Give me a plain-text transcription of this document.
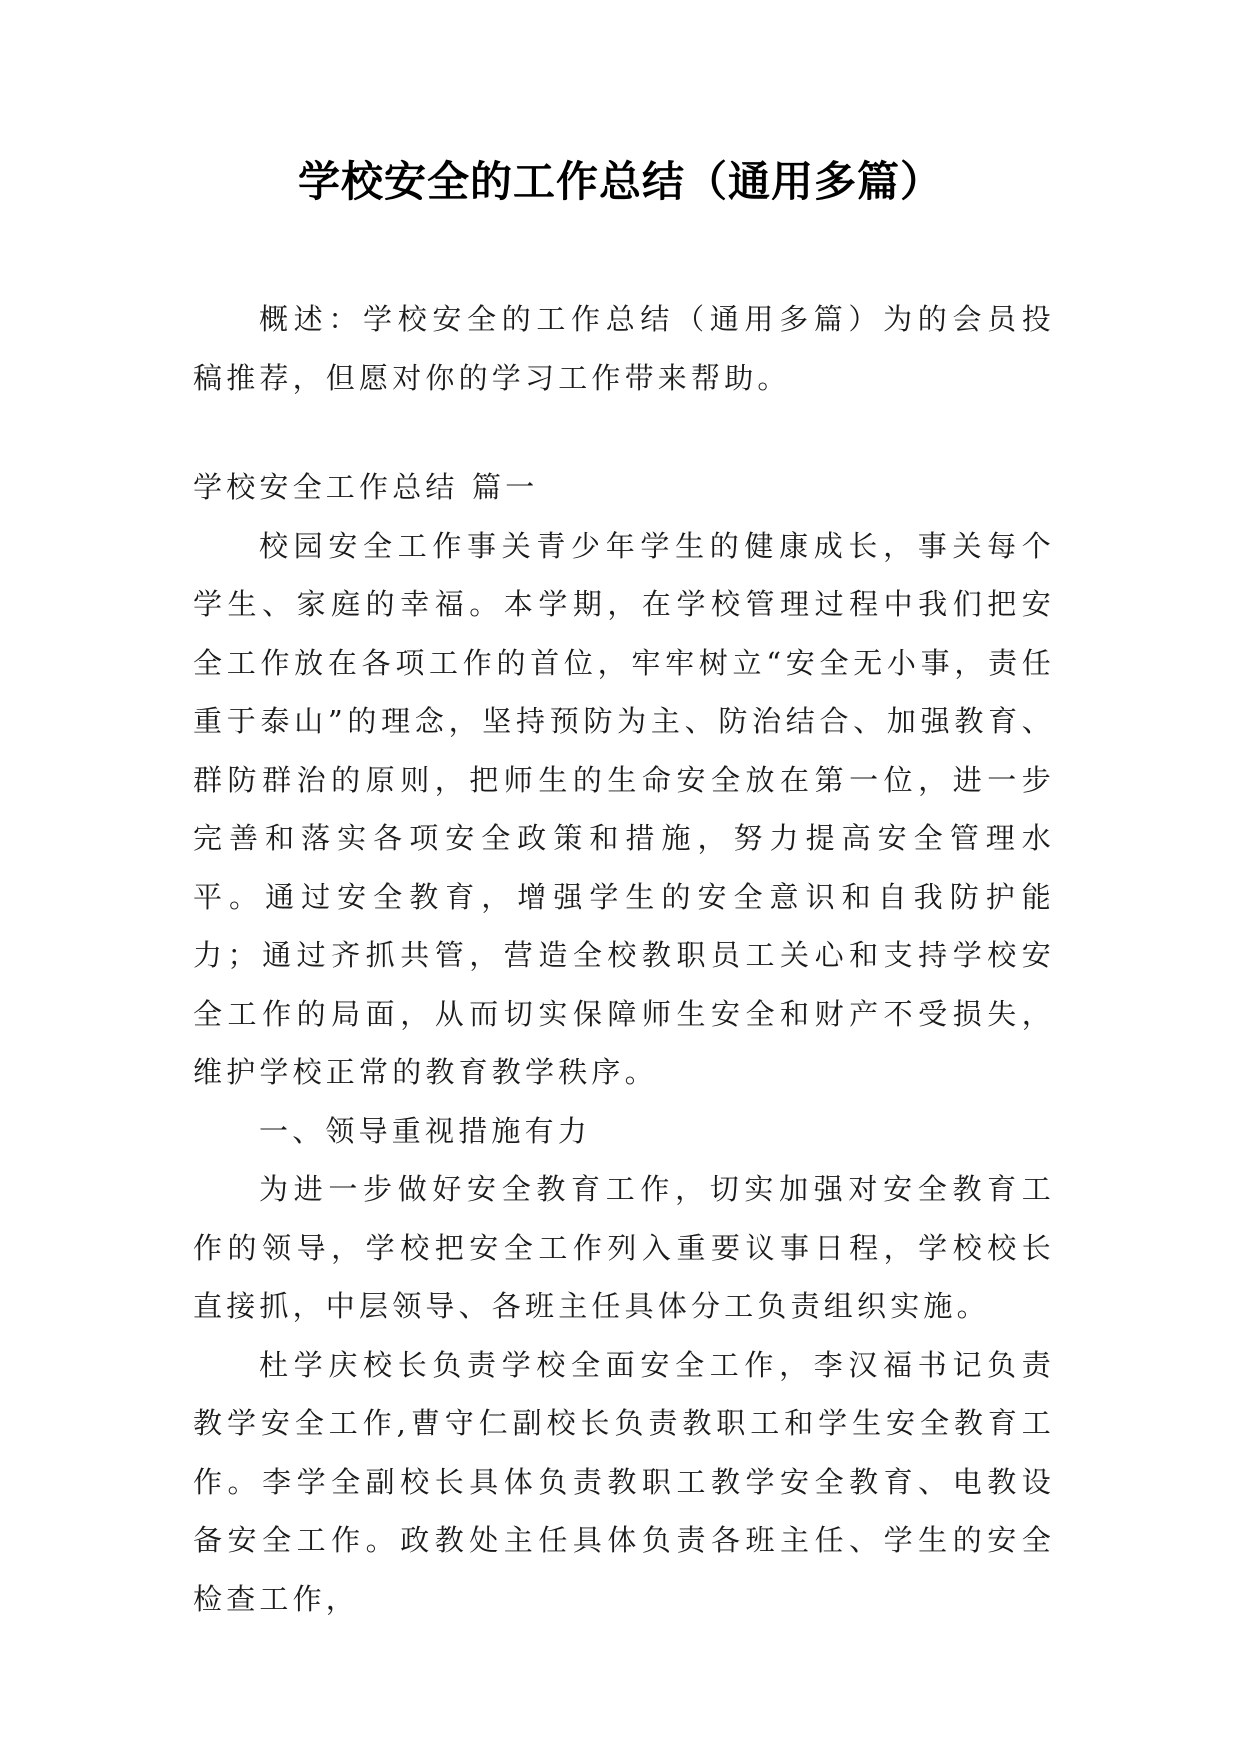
学校安全的工作总结（通用多篇）

概述：学校安全的工作总结（通用多篇）为的会员投稿推荐，但愿对你的学习工作带来帮助。

学校安全工作总结 篇一

校园安全工作事关青少年学生的健康成长，事关每个学生、家庭的幸福。本学期，在学校管理过程中我们把安全工作放在各项工作的首位，牢牢树立“安全无小事，责任重于泰山”的理念，坚持预防为主、防治结合、加强教育、群防群治的原则，把师生的生命安全放在第一位，进一步完善和落实各项安全政策和措施，努力提高安全管理水平。通过安全教育，增强学生的安全意识和自我防护能力；通过齐抓共管，营造全校教职员工关心和支持学校安全工作的局面，从而切实保障师生安全和财产不受损失，维护学校正常的教育教学秩序。

一、领导重视措施有力

为进一步做好安全教育工作，切实加强对安全教育工作的领导，学校把安全工作列入重要议事日程，学校校长直接抓，中层领导、各班主任具体分工负责组织实施。

杜学庆校长负责学校全面安全工作，李汉福书记负责教学安全工作,曹守仁副校长负责教职工和学生安全教育工作。李学全副校长具体负责教职工教学安全教育、电教设备安全工作。政教处主任具体负责各班主任、学生的安全检查工作，
